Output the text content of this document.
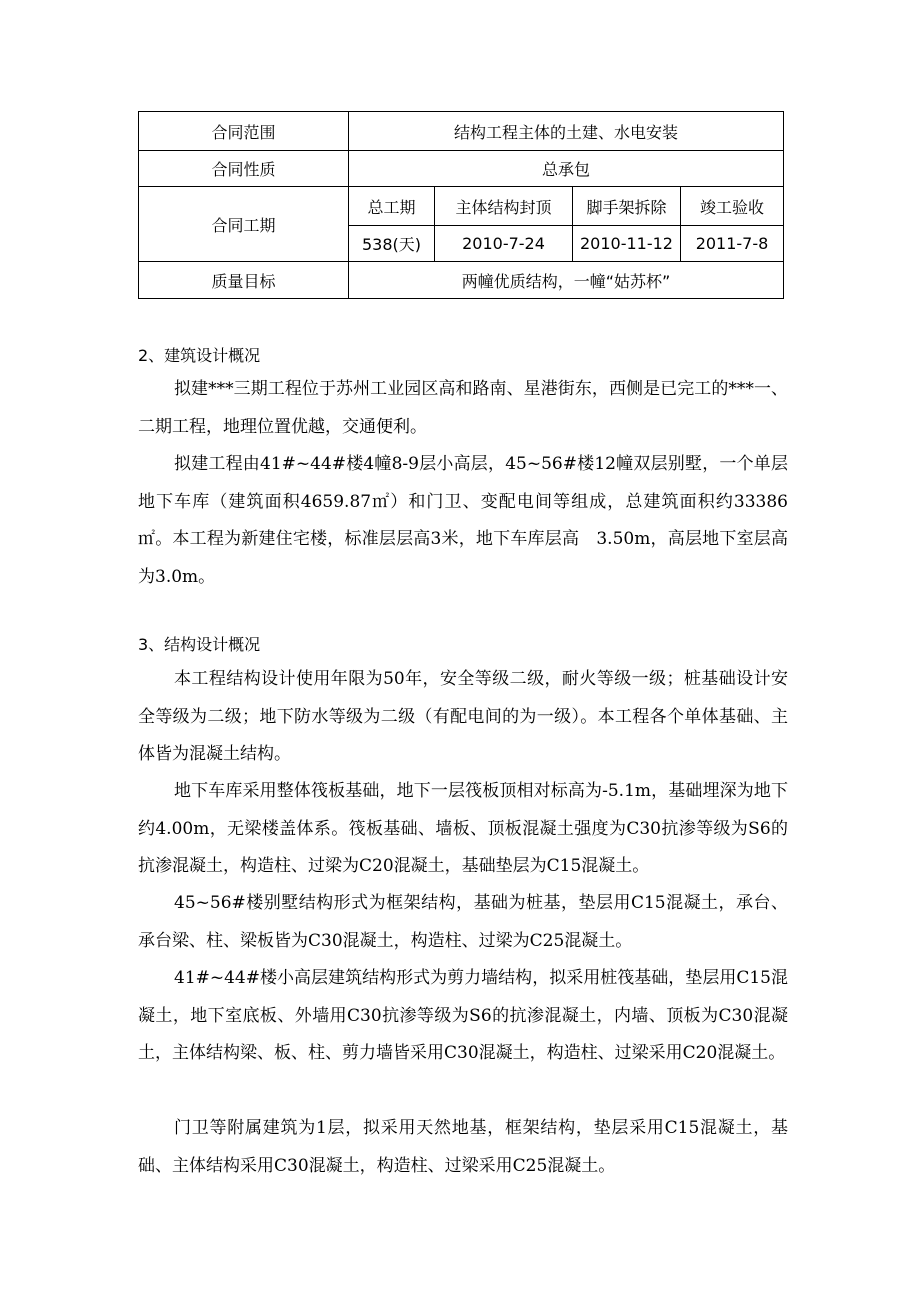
合同范围	结构工程主体的土建、水电安装			
合同性质	总承包			
合同工期	总工期	主体结构封顶	脚手架拆除	竣工验收
	538(天)	2010-7-24	2010-11-12	2011-7-8
质量目标	两幢优质结构，一幢“姑苏杯”			

2、建筑设计概况

拟建***三期工程位于苏州工业园区高和路南、星港街东，西侧是已完工的***一、二期工程，地理位置优越，交通便利。

拟建工程由41#~44#楼4幢8-9层小高层，45~56#楼12幢双层别墅，一个单层地下车库（建筑面积4659.87㎡）和门卫、变配电间等组成，总建筑面积约33386㎡。本工程为新建住宅楼，标准层层高3米，地下车库层高　3.50m，高层地下室层高为3.0m。

3、结构设计概况

本工程结构设计使用年限为50年，安全等级二级，耐火等级一级；桩基础设计安全等级为二级；地下防水等级为二级（有配电间的为一级）。本工程各个单体基础、主体皆为混凝土结构。

地下车库采用整体筏板基础，地下一层筏板顶相对标高为-5.1m，基础埋深为地下约4.00m，无梁楼盖体系。筏板基础、墙板、顶板混凝土强度为C30抗渗等级为S6的抗渗混凝土，构造柱、过梁为C20混凝土，基础垫层为C15混凝土。

45~56#楼别墅结构形式为框架结构，基础为桩基，垫层用C15混凝土，承台、承台梁、柱、梁板皆为C30混凝土，构造柱、过梁为C25混凝土。

41#~44#楼小高层建筑结构形式为剪力墙结构，拟采用桩筏基础，垫层用C15混凝土，地下室底板、外墙用C30抗渗等级为S6的抗渗混凝土，内墙、顶板为C30混凝土，主体结构梁、板、柱、剪力墙皆采用C30混凝土，构造柱、过梁采用C20混凝土。

门卫等附属建筑为1层，拟采用天然地基，框架结构，垫层采用C15混凝土，基础、主体结构采用C30混凝土，构造柱、过梁采用C25混凝土。
